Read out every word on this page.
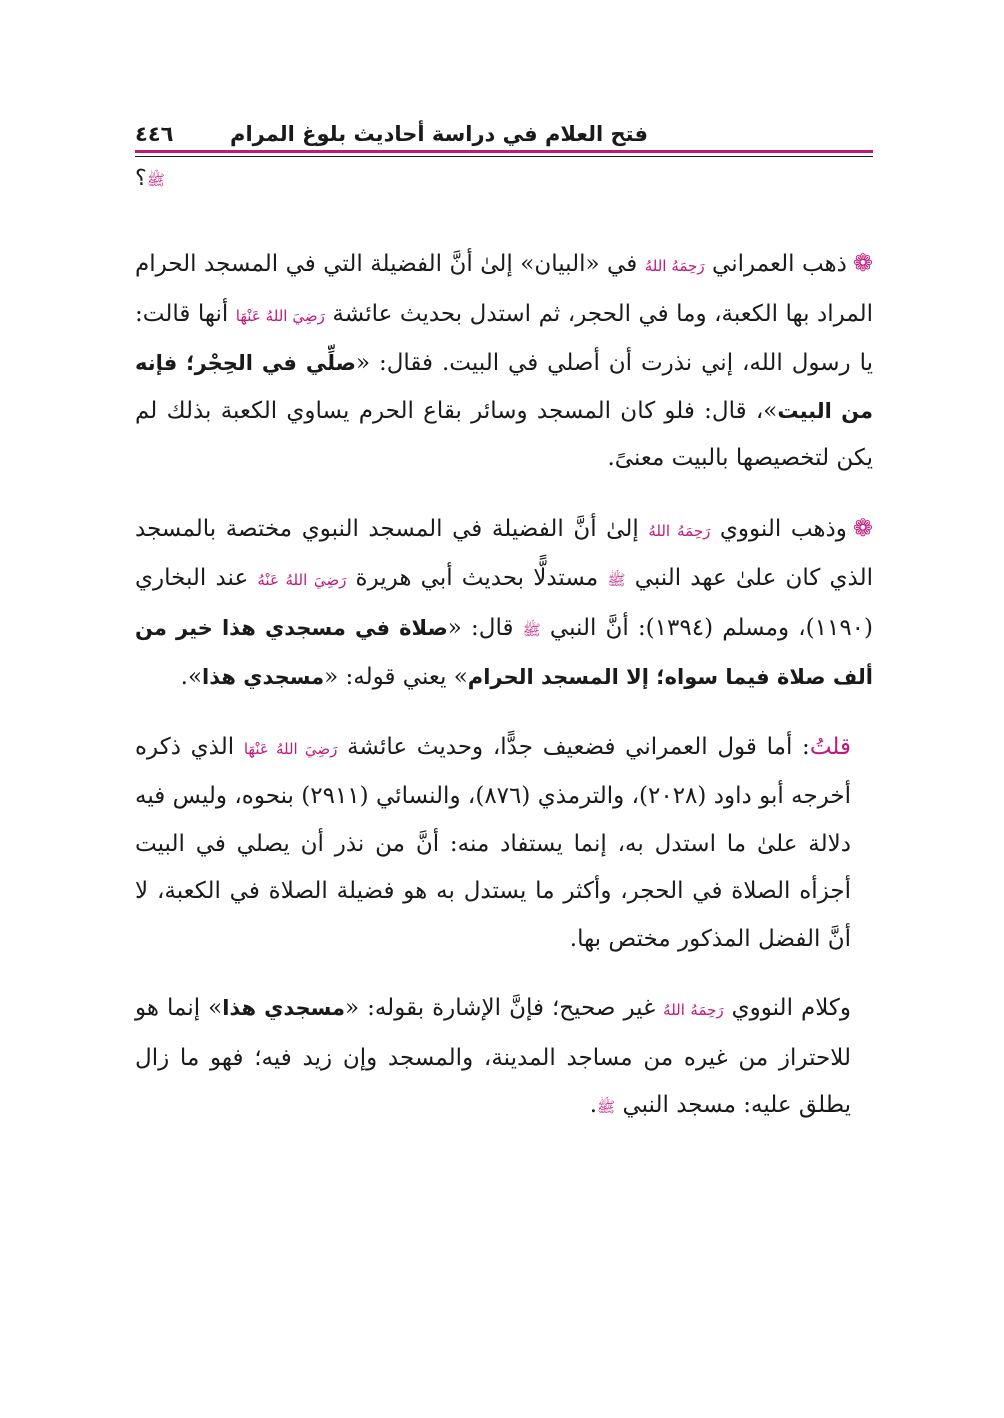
فتح العلام في دراسة أحاديث بلوغ المرام
٤٤٦
ﷺ؟

❁ذهب العمراني رَحِمَهُ اللهُ في «البيان» إلىٰ أنَّ الفضيلة التي في المسجد الحرام المراد بها الكعبة، وما في الحجر، ثم استدل بحديث عائشة رَضِيَ اللهُ عَنْهَا أنها قالت: يا رسول الله، إني نذرت أن أصلي في البيت. فقال: «صلِّي في الحِجْر؛ فإنه من البيت»، قال: فلو كان المسجد وسائر بقاع الحرم يساوي الكعبة بذلك لم يكن لتخصيصها بالبيت معنىً.

❁وذهب النووي رَحِمَهُ اللهُ إلىٰ أنَّ الفضيلة في المسجد النبوي مختصة بالمسجد الذي كان علىٰ عهد النبي ﷺ مستدلًّا بحديث أبي هريرة رَضِيَ اللهُ عَنْهُ عند البخاري (١١٩٠)، ومسلم (١٣٩٤): أنَّ النبي ﷺ قال: «صلاة في مسجدي هذا خير من ألف صلاة فيما سواه؛ إلا المسجد الحرام» يعني قوله: «مسجدي هذا».

قلتُ: أما قول العمراني فضعيف جدًّا، وحديث عائشة رَضِيَ اللهُ عَنْهَا الذي ذكره أخرجه أبو داود (٢٠٢٨)، والترمذي (٨٧٦)، والنسائي (٢٩١١) بنحوه، وليس فيه دلالة علىٰ ما استدل به، إنما يستفاد منه: أنَّ من نذر أن يصلي في البيت أجزأه الصلاة في الحجر، وأكثر ما يستدل به هو فضيلة الصلاة في الكعبة، لا أنَّ الفضل المذكور مختص بها.

وكلام النووي رَحِمَهُ اللهُ غير صحيح؛ فإنَّ الإشارة بقوله: «مسجدي هذا» إنما هو للاحتراز من غيره من مساجد المدينة، والمسجد وإن زيد فيه؛ فهو ما زال يطلق عليه: مسجد النبي ﷺ.
